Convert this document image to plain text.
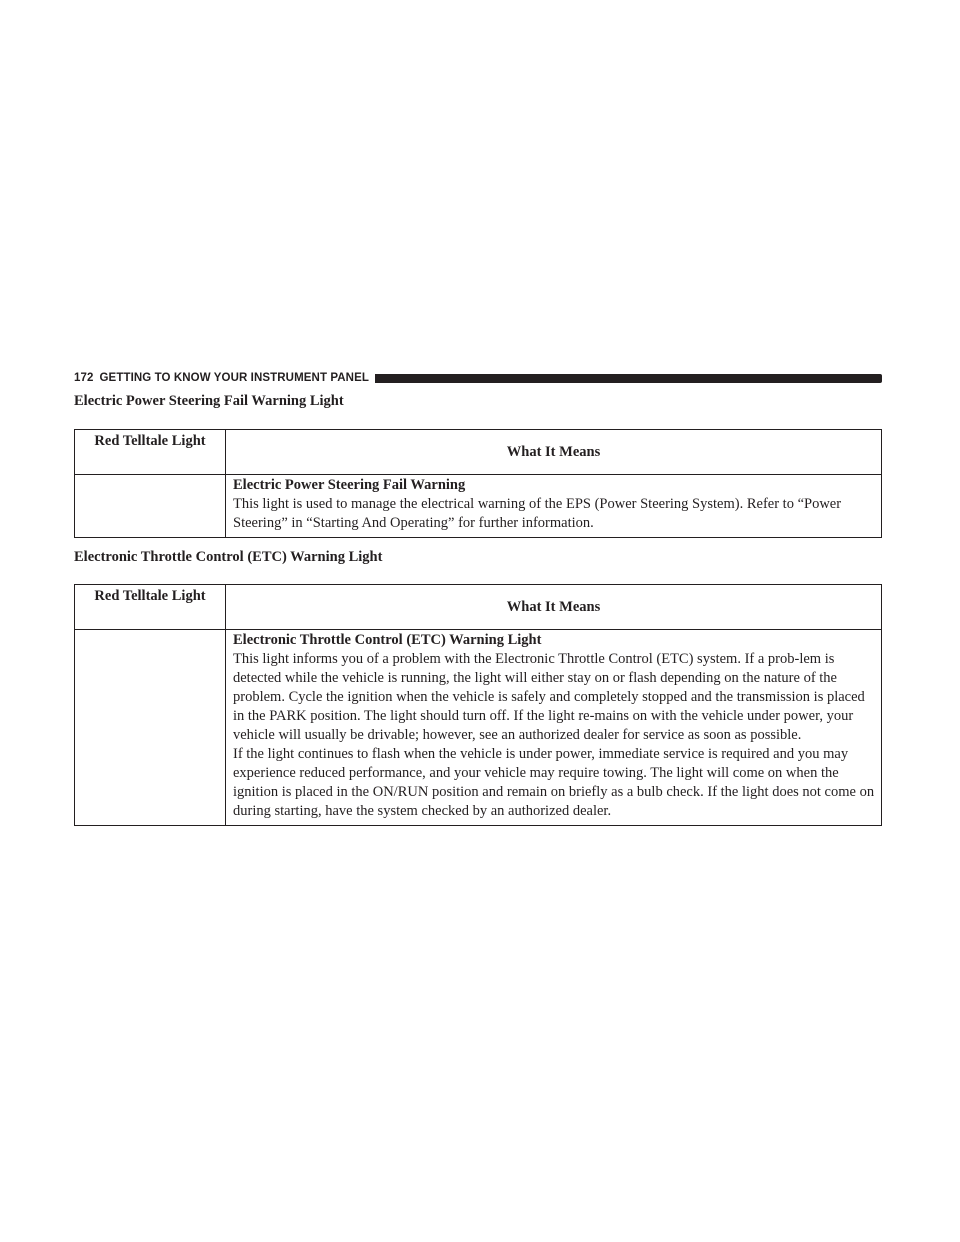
172 GETTING TO KNOW YOUR INSTRUMENT PANEL
Electric Power Steering Fail Warning Light
Red Telltale Light	What It Means

	Electric Power Steering Fail Warning
This light is used to manage the electrical warning of the EPS (Power Steering System). Refer to “Power Steering” in “Starting And Operating” for further information.
Electronic Throttle Control (ETC) Warning Light
Red Telltale Light	What It Means

	Electronic Throttle Control (ETC) Warning Light
This light informs you of a problem with the Electronic Throttle Control (ETC) system. If a prob-lem is detected while the vehicle is running, the light will either stay on or flash depending on the nature of the problem. Cycle the ignition when the vehicle is safely and completely stopped and the transmission is placed in the PARK position. The light should turn off. If the light re-mains on with the vehicle under power, your vehicle will usually be drivable; however, see an authorized dealer for service as soon as possible.
If the light continues to flash when the vehicle is under power, immediate service is required and you may experience reduced performance, and your vehicle may require towing. The light will come on when the ignition is placed in the ON/RUN position and remain on briefly as a bulb check. If the light does not come on during starting, have the system checked by an authorized dealer.
